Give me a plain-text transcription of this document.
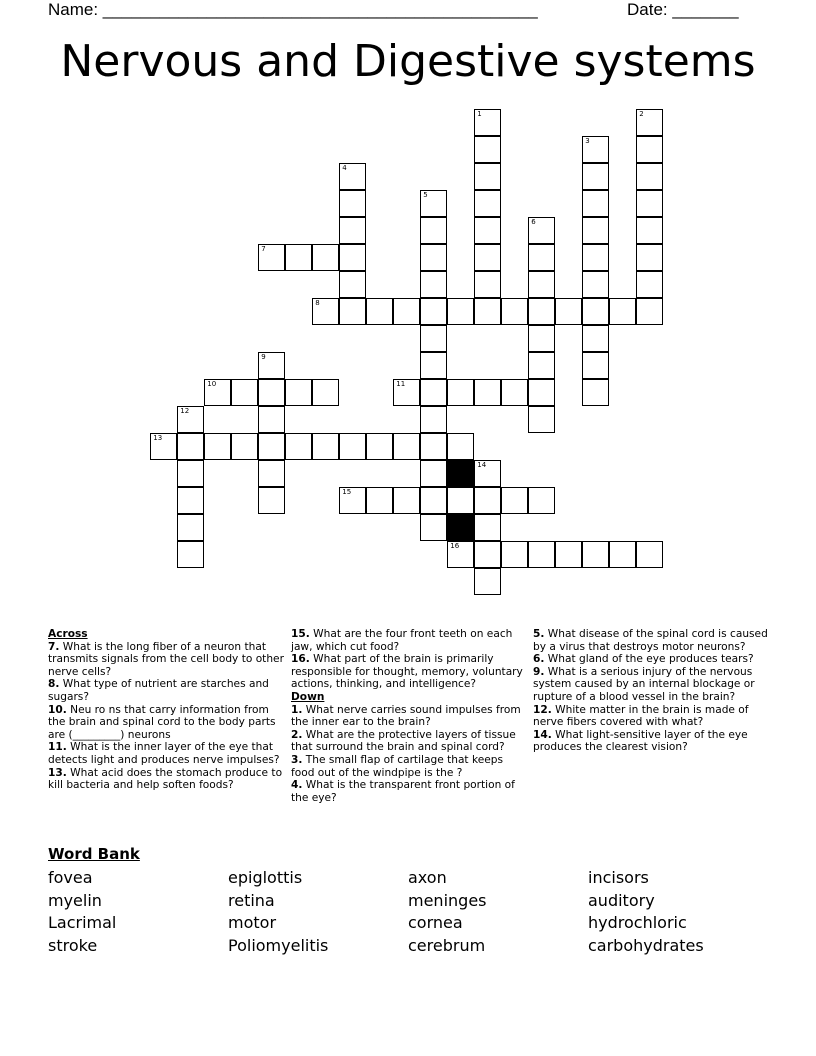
Name: ______________________________________________	Date: _______
Nervous and Digestive systems
1	2
3
4
5
6
7
8
9
10	11
12
13
14
15
16
Across

7. What is the long fiber of a neuron that transmits signals from the cell body to other nerve cells?

8. What type of nutrient are starches and sugars?

10. Neu ro ns that carry information from the brain and spinal cord to the body parts are (_________) neurons

11. What is the inner layer of the eye that detects light and produces nerve impulses?

13. What acid does the stomach produce to kill bacteria and help soften foods?

15. What are the four front teeth on each jaw, which cut food?

16. What part of the brain is primarily responsible for thought, memory, voluntary actions, thinking, and intelligence?

Down

1. What nerve carries sound impulses from the inner ear to the brain?

2. What are the protective layers of tissue that surround the brain and spinal cord?

3. The small flap of cartilage that keeps food out of the windpipe is the ?

4. What is the transparent front portion of the eye?

5. What disease of the spinal cord is caused by a virus that destroys motor neurons?

6. What gland of the eye produces tears?

9. What is a serious injury of the nervous system caused by an internal blockage or rupture of a blood vessel in the brain?

12. White matter in the brain is made of nerve fibers covered with what?

14. What light-sensitive layer of the eye produces the clearest vision?

Word Bank
fovea	epiglottis	axon	incisors
myelin	retina	meninges	auditory
Lacrimal	motor	cornea	hydrochloric
stroke	Poliomyelitis	cerebrum	carbohydrates
